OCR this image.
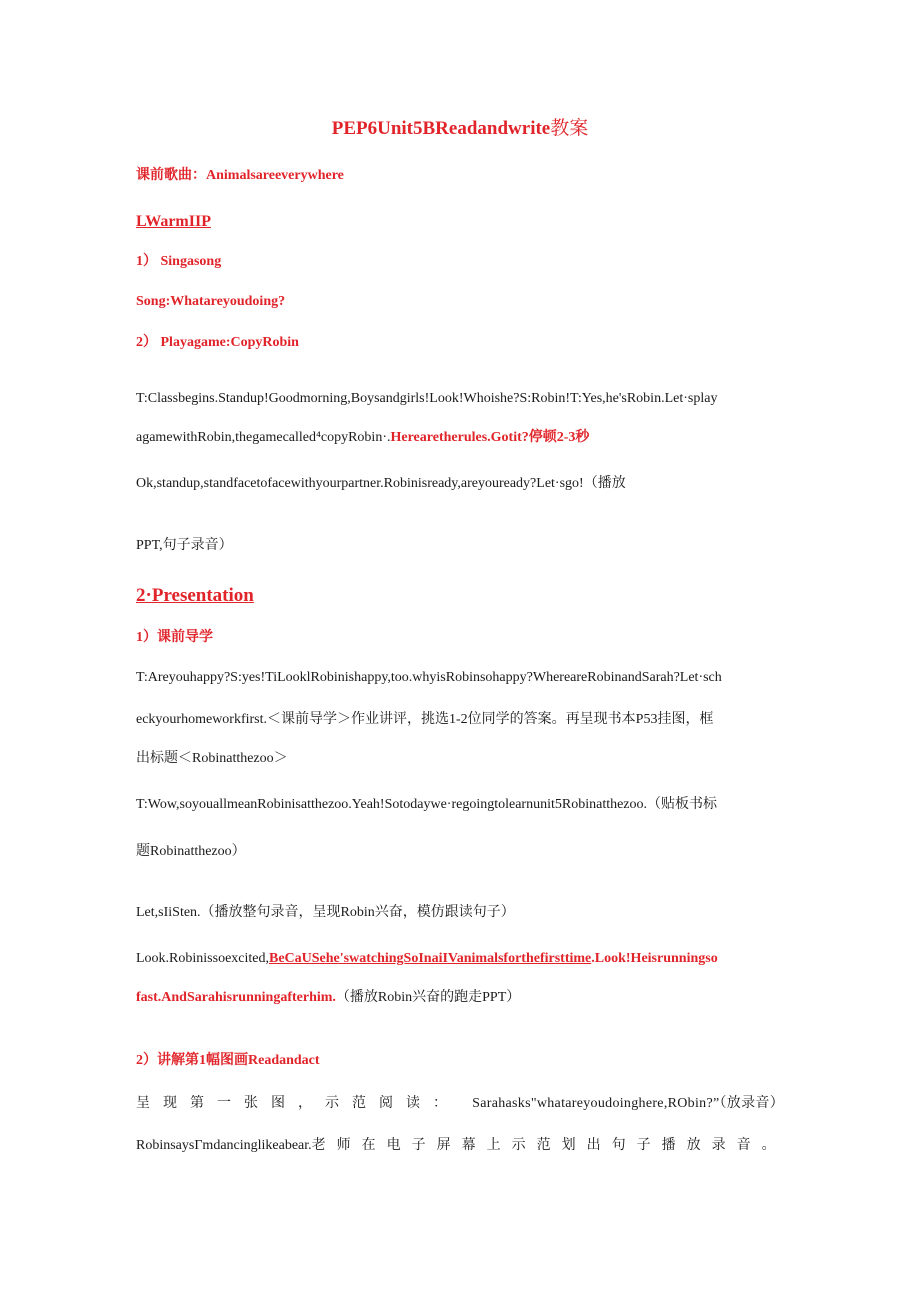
PEP6Unit5BReadandwrite教案
课前歌曲：Animalsareeverywhere
LWarmIIP
1） Singasong
Song:Whatareyoudoing?
2） Playagame:CopyRobin
T:Classbegins.Standup!Goodmorning,Boysandgirls!Look!Whoishe?S:Robin!T:Yes,he'sRobin.Let·splay
agamewithRobin,thegamecalled⁴copyRobin·.Herearetherules.Gotit?停顿2-3秒
Ok,standup,standfacetofacewithyourpartner.Robinisready,areyouready?Let·sgo!（播放
PPT,句子录音）
2·Presentation
1）课前导学
T:Areyouhappy?S:yes!TiLooklRobinishappy,too.whyisRobinsohappy?WhereareRobinandSarah?Let·sch
eckyourhomeworkfirst.＜课前导学＞作业讲评，挑选1-2位同学的答案。再呈现书本P53挂图，框
出标题＜Robinatthezoo＞
T:Wow,soyouallmeanRobinisatthezoo.Yeah!Sotodaywe·regoingtolearnunit5Robinatthezoo.（贴板书标
题Robinatthezoo）
Let,sIiSten.（播放整句录音，呈现Robin兴奋，模仿跟读句子）
Look.Robinissoexcited,BeCaUSehe'swatchingSoInaiIVanimalsforthefirsttime.Look!Heisrunningso
fast.AndSarahisrunningafterhim.（播放Robin兴奋的跑走PPT）
2）讲解第1幅图画Readandact
呈现第一张图，示范阅读： Sarahasks"whatareyoudoinghere,RObin?”（放录音）
RobinsaysΓmdancinglikeabear. 老师在电子屏幕上示范划出句子播放录音。
